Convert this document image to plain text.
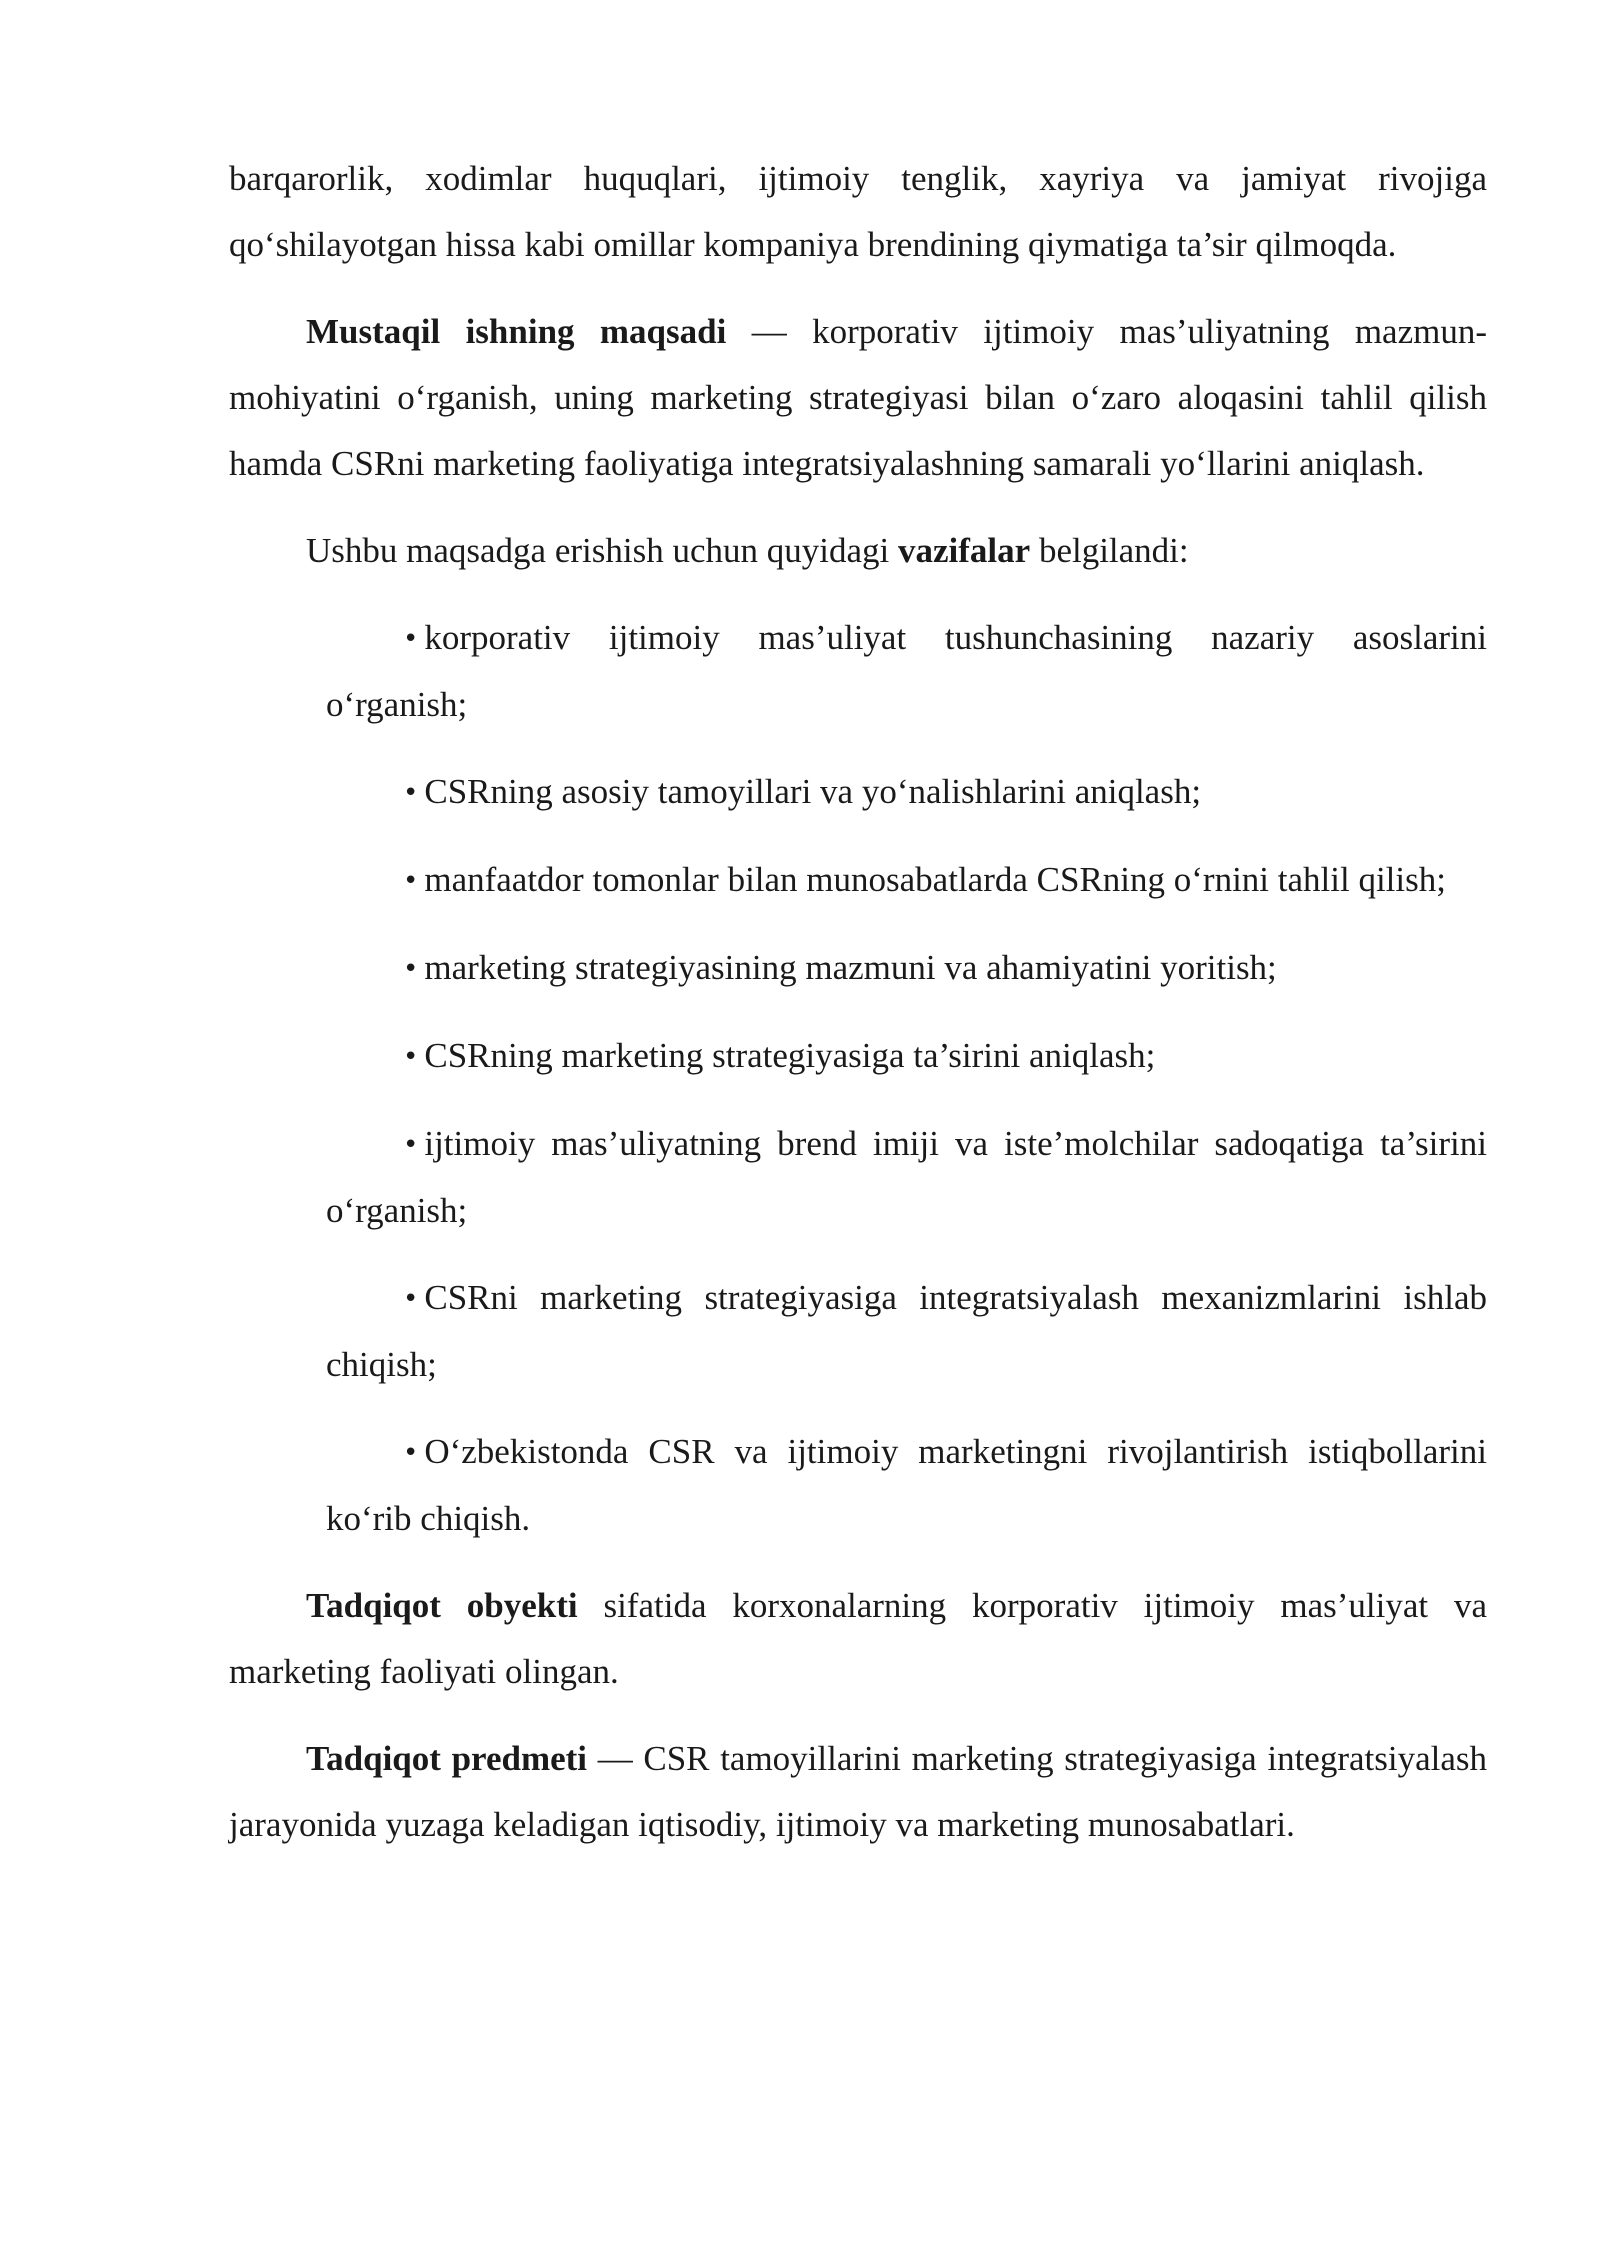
barqarorlik, xodimlar huquqlari, ijtimoiy tenglik, xayriya va jamiyat rivojiga qo‘shilayotgan hissa kabi omillar kompaniya brendining qiymatiga ta’sir qilmoqda.

Mustaqil ishning maqsadi — korporativ ijtimoiy mas’uliyatning mazmun-mohiyatini o‘rganish, uning marketing strategiyasi bilan o‘zaro aloqasini tahlil qilish hamda CSRni marketing faoliyatiga integratsiyalashning samarali yo‘llarini aniqlash.

Ushbu maqsadga erishish uchun quyidagi vazifalar belgilandi:

• korporativ ijtimoiy mas’uliyat tushunchasining nazariy asoslarini o‘rganish;
• CSRning asosiy tamoyillari va yo‘nalishlarini aniqlash;
• manfaatdor tomonlar bilan munosabatlarda CSRning o‘rnini tahlil qilish;
• marketing strategiyasining mazmuni va ahamiyatini yoritish;
• CSRning marketing strategiyasiga ta’sirini aniqlash;
• ijtimoiy mas’uliyatning brend imiji va iste’molchilar sadoqatiga ta’sirini o‘rganish;
• CSRni marketing strategiyasiga integratsiyalash mexanizmlarini ishlab chiqish;
• O‘zbekistonda CSR va ijtimoiy marketingni rivojlantirish istiqbollarini ko‘rib chiqish.

Tadqiqot obyekti sifatida korxonalarning korporativ ijtimoiy mas’uliyat va marketing faoliyati olingan.

Tadqiqot predmeti — CSR tamoyillarini marketing strategiyasiga integratsiyalash jarayonida yuzaga keladigan iqtisodiy, ijtimoiy va marketing munosabatlari.
